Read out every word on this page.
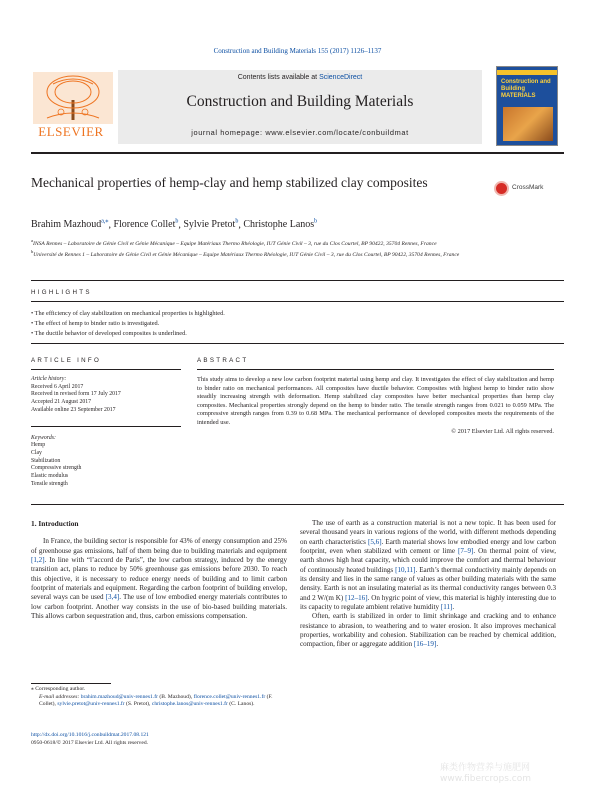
Construction and Building Materials 155 (2017) 1126–1137
ELSEVIER
Contents lists available at ScienceDirect
Construction and Building Materials
journal homepage: www.elsevier.com/locate/conbuildmat
Construction and Building MATERIALS
Mechanical properties of hemp-clay and hemp stabilized clay composites	CrossMark
Brahim Mazhoud$^{a,⁎}$, Florence Collet$^b$, Sylvie Pretot$^b$, Christophe Lanos$^b$
$^a$INSA Rennes – Laboratoire de Génie Civil et Génie Mécanique – Equipe Matériaux Thermo Rhéologie, IUT Génie Civil – 3, rue du Clos Courtel, BP 90422, 35704 Rennes, France
$^b$Université de Rennes 1 – Laboratoire de Génie Civil et Génie Mécanique – Equipe Matériaux Thermo Rhéologie, IUT Génie Civil – 3, rue du Clos Courtel, BP 90422, 35704 Rennes, France
HIGHLIGHTS
• The efficiency of clay stabilization on mechanical properties is highlighted.
• The effect of hemp to binder ratio is investigated.
• The ductile behavior of developed composites is underlined.
ARTICLE INFO	ABSTRACT
Article history:
Received 6 April 2017
Received in revised form 17 July 2017
Accepted 21 August 2017
Available online 23 September 2017
Keywords:
Hemp
Clay
Stabilization
Compressive strength
Elastic modulus
Tensile strength
This study aims to develop a new low carbon footprint material using hemp and clay. It investigates the effect of clay stabilization and hemp to binder ratio on mechanical performances. All composites have ductile behavior. Composites with highest hemp to binder ratio show steadily increasing strength with deformation. Hemp stabilized clay composites have better mechanical properties than hemp clay composites. Mechanical properties strongly depend on the hemp to binder ratio. The tensile strength ranges from 0.021 to 0.059 MPa. The compressive strength ranges from 0.39 to 0.68 MPa. The mechanical performance of developed composites meets the requirements of the intended use.
© 2017 Elsevier Ltd. All rights reserved.
1. Introduction

In France, the building sector is responsible for 43% of energy consumption and 25% of greenhouse gas emissions, half of them being due to building materials and equipment [1,2]. In line with “l’accord de Paris”, the low carbon strategy, induced by the energy transition act, plans to reduce by 50% greenhouse gas emissions before 2030. To reach this objective, it is necessary to reduce energy needs of building and to limit carbon footprint of materials and equipment. Regarding the carbon footprint of building envelop, several ways can be used [3,4]. The use of low embodied energy materials contributes to low carbon footprint. Another way consists in the use of bio-based building materials. This allows carbon sequestration and, thus, carbon emissions compensation.

The use of earth as a construction material is not a new topic. It has been used for several thousand years in various regions of the world, with different methods depending on earth characteristics [5,6]. Earth material shows low embodied energy and low carbon footprint, even when stabilized with cement or lime [7–9]. On thermal point of view, earth shows high heat capacity, which could improve the comfort and thermal behaviour of continuously heated buildings [10,11]. Earth’s thermal conductivity mainly depends on its density and lies in the same range of values as other building materials with the same density. Earth is not an insulating material as its thermal conductivity ranges between 0.3 and 2 W/(m K) [12–16]. On hygric point of view, this material is highly interesting due to its capacity to regulate ambient relative humidity [11].

Often, earth is stabilized in order to limit shrinkage and cracking and to enhance resistance to abrasion, to weathering and to water erosion. It also improves mechanical properties, workability and cohesion. Stabilization can be reached by chemical addition, compaction, fiber or aggregate addition [16–19].

⁎ Corresponding author.
E-mail addresses: brahim.mazhoud@univ-rennes1.fr (B. Mazhoud), florence.collet@univ-rennes1.fr (F. Collet), sylvie.pretot@univ-rennes1.fr (S. Pretot), christophe.lanos@univ-rennes1.fr (C. Lanos).
http://dx.doi.org/10.1016/j.conbuildmat.2017.08.121
0950-0618/© 2017 Elsevier Ltd. All rights reserved.
麻类作物营养与施肥网 www.fibercrops.com
